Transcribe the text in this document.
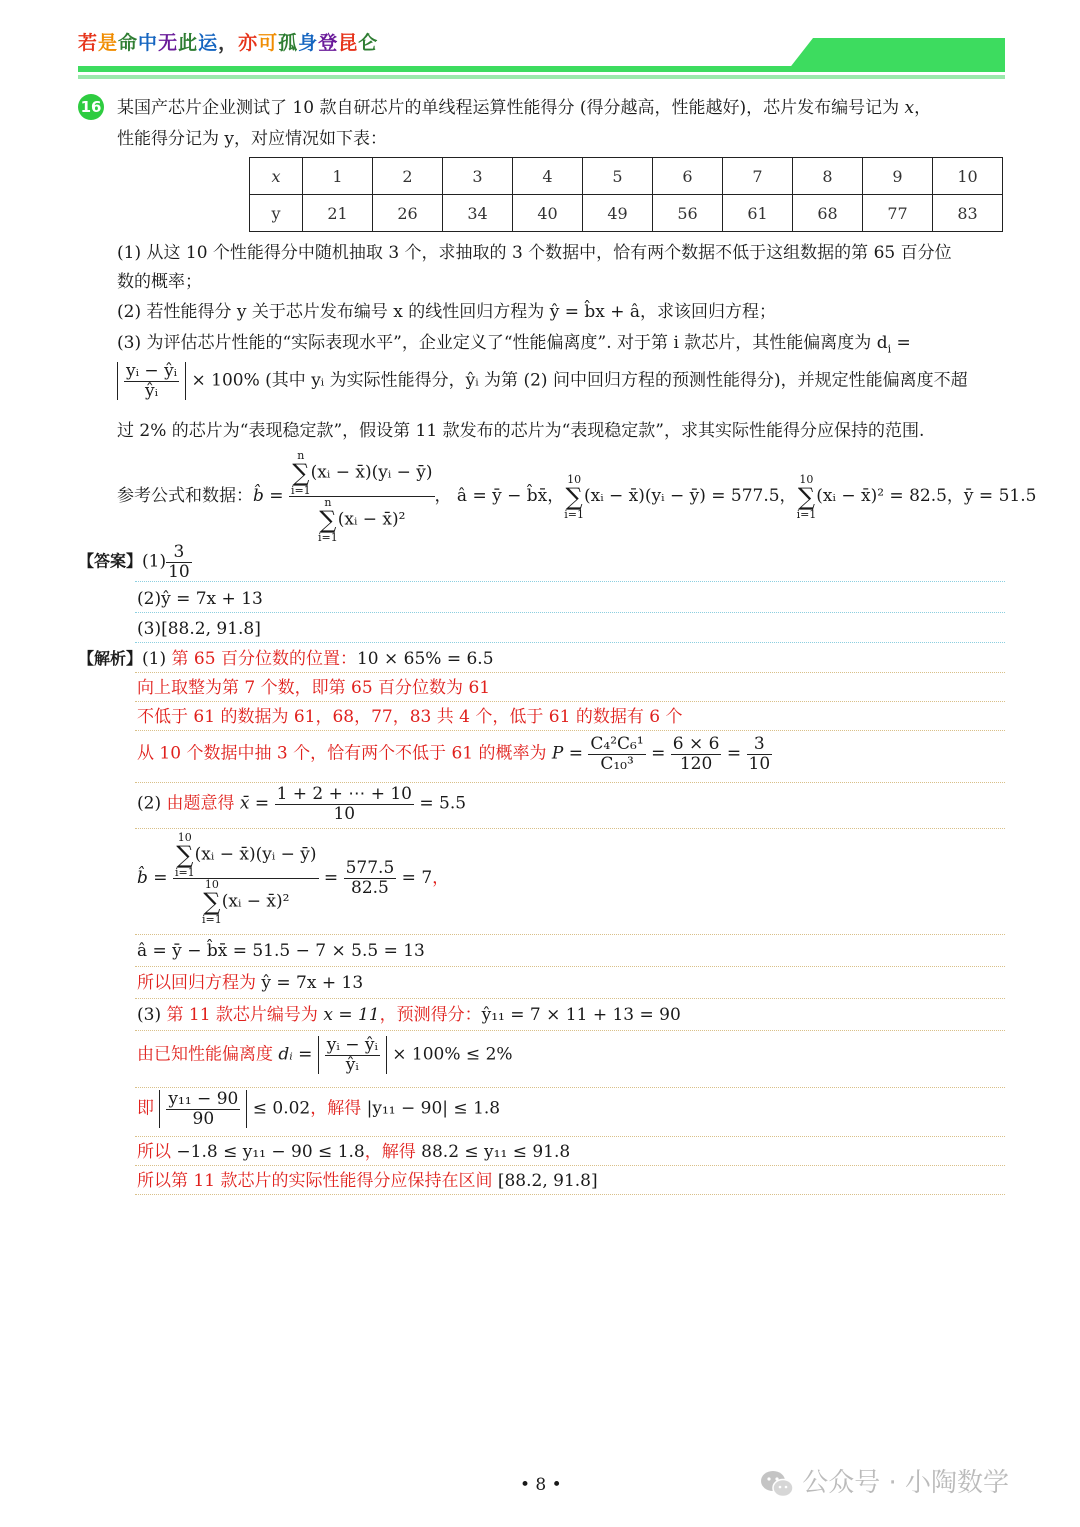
若是命中无此运，亦可孤身登昆仑
16 某国产芯片企业测试了 10 款自研芯片的单线程运算性能得分 (得分越高，性能越好)，芯片发布编号记为 x，
性能得分记为 y，对应情况如下表：
x	1	2	3	4	5	6	7	8	9	10
y	21	26	34	40	49	56	61	68	77	83
(1) 从这 10 个性能得分中随机抽取 3 个，求抽取的 3 个数据中，恰有两个数据不低于这组数据的第 65 百分位
数的概率；
(2) 若性能得分 y 关于芯片发布编号 x 的线性回归方程为 ŷ = b̂x + â，求该回归方程；
(3) 为评估芯片性能的“实际表现水平”，企业定义了“性能偏离度”. 对于第 i 款芯片，其性能偏离度为 $d_i$ =
$\frac{\text{yᵢ − ŷᵢ}}{\text{ŷᵢ}} \times 100\%$ (其中 yᵢ 为实际性能得分，ŷᵢ 为第 (2) 问中回归方程的预测性能得分)，并规定性能偏离度不超
过 2% 的芯片为“表现稳定款”，假设第 11 款发布的芯片为“表现稳定款”，求其实际性能得分应保持的范围.
参考公式和数据：b̂ = n
∑
i=1(xᵢ − x̄)(yᵢ − ȳ)
n
∑
i=1(xᵢ − x̄)² ， â = ȳ − b̂x̄，10
∑
i=1(xᵢ − x̄)(yᵢ − ȳ) = 577.5，10
∑
i=1(xᵢ − x̄)² = 82.5，ȳ = 51.5
【答案】$(1) \frac{3}{10}$
(2)ŷ = 7x + 13
(3)[88.2, 91.8]
【解析】(1) 第 65 百分位数的位置：10 × 65% = 6.5
向上取整为第 7 个数，即第 65 百分位数为 61
不低于 61 的数据为 61，68，77，83 共 4 个，低于 61 的数据有 6 个
从 10 个数据中抽 3 个，恰有两个不低于 61 的概率为 $P = \frac{\text{C₄²C₆¹}}{\text{C₁₀³}} = \frac{6 \times 6}{120} = \frac{3}{10}$
(2) 由题意得 x̄ = $\frac{1 + 2 + \cdots + 10}{10} = 5.5$
b̂ = 10
∑
i=1(xᵢ − x̄)(yᵢ − ȳ)
10
∑
i=1(xᵢ − x̄)² = $\frac{577.5}{82.5} = 7$，
â = ȳ − b̂x̄ = 51.5 − 7 × 5.5 = 13
所以回归方程为 ŷ = 7x + 13
(3) 第 11 款芯片编号为 x = 11，预测得分：ŷ₁₁ = 7 × 11 + 13 = 90
由已知性能偏离度 dᵢ = $\frac{\text{yᵢ − ŷᵢ}}{\text{ŷᵢ}} \times 100\% \le 2\%$
即 $\frac{\text{y₁₁ − 90}}{90} \le 0.02$，解得 |y₁₁ − 90| ≤ 1.8
所以 −1.8 ≤ y₁₁ − 90 ≤ 1.8，解得 88.2 ≤ y₁₁ ≤ 91.8
所以第 11 款芯片的实际性能得分应保持在区间 [88.2, 91.8]
• 8 •	公众号 · 小陶数学
